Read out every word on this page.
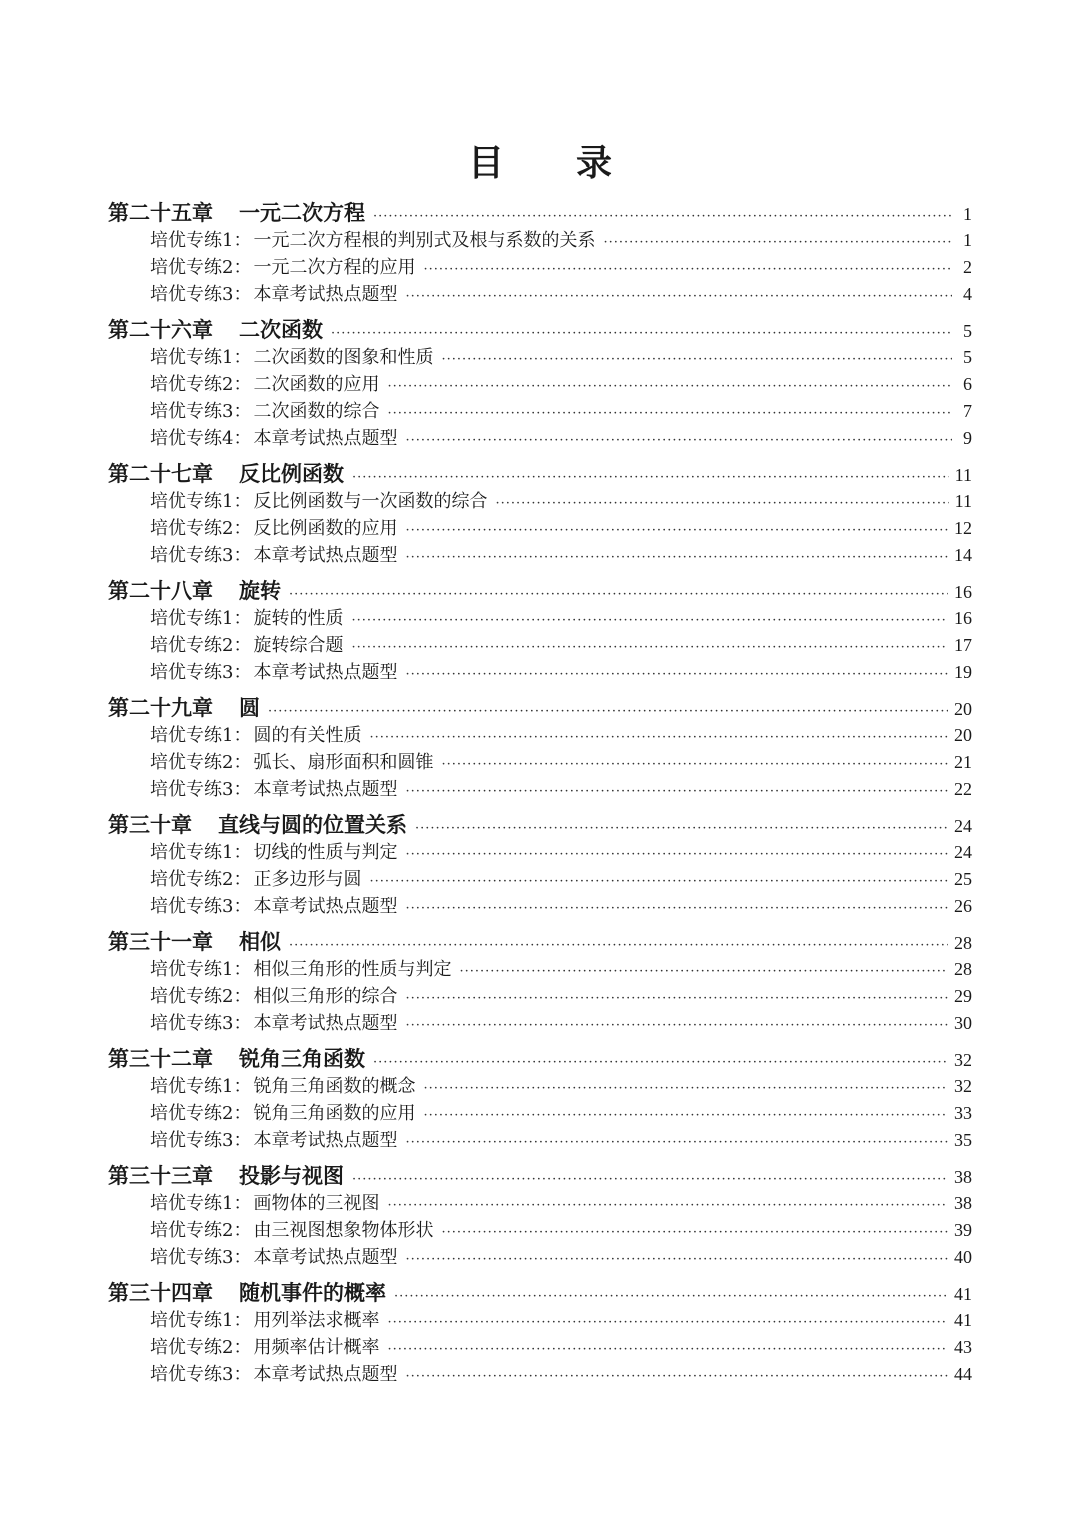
目录
第二十五章 一元二次方程 ·····	1
培优专练1： 一元二次方程根的判别式及根与系数的关系 ·····	1
培优专练2： 一元二次方程的应用 ·····	2
培优专练3： 本章考试热点题型 ·····	4
第二十六章 二次函数 ·····	5
培优专练1： 二次函数的图象和性质 ·····	5
培优专练2： 二次函数的应用 ·····	6
培优专练3： 二次函数的综合 ·····	7
培优专练4： 本章考试热点题型 ·····	9
第二十七章 反比例函数 ·····	11
培优专练1： 反比例函数与一次函数的综合 ·····	11
培优专练2： 反比例函数的应用 ·····	12
培优专练3： 本章考试热点题型 ·····	14
第二十八章 旋转 ·····	16
培优专练1： 旋转的性质 ·····	16
培优专练2： 旋转综合题 ·····	17
培优专练3： 本章考试热点题型 ·····	19
第二十九章 圆 ·····	20
培优专练1： 圆的有关性质 ·····	20
培优专练2： 弧长、扇形面积和圆锥 ·····	21
培优专练3： 本章考试热点题型 ·····	22
第三十章 直线与圆的位置关系 ·····	24
培优专练1： 切线的性质与判定 ·····	24
培优专练2： 正多边形与圆 ·····	25
培优专练3： 本章考试热点题型 ·····	26
第三十一章 相似 ·····	28
培优专练1： 相似三角形的性质与判定 ·····	28
培优专练2： 相似三角形的综合 ·····	29
培优专练3： 本章考试热点题型 ·····	30
第三十二章 锐角三角函数 ·····	32
培优专练1： 锐角三角函数的概念 ·····	32
培优专练2： 锐角三角函数的应用 ·····	33
培优专练3： 本章考试热点题型 ·····	35
第三十三章 投影与视图 ·····	38
培优专练1： 画物体的三视图 ·····	38
培优专练2： 由三视图想象物体形状 ·····	39
培优专练3： 本章考试热点题型 ·····	40
第三十四章 随机事件的概率 ·····	41
培优专练1： 用列举法求概率 ·····	41
培优专练2： 用频率估计概率 ·····	43
培优专练3： 本章考试热点题型 ·····	44
